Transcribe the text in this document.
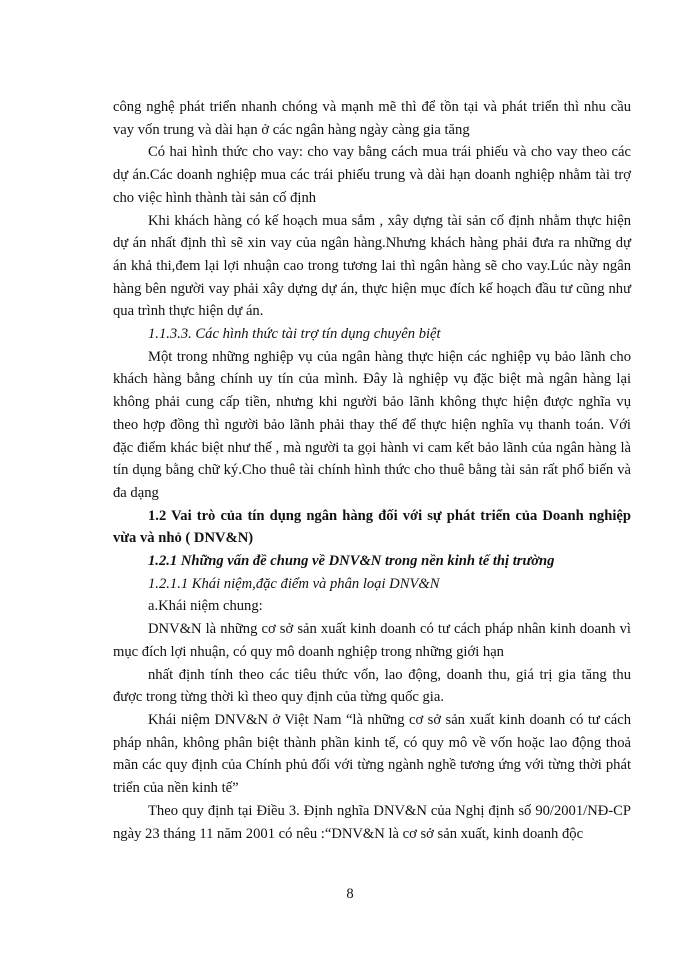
công nghệ phát triển nhanh chóng và mạnh mẽ thì để tồn tại và phát triển thì nhu cầu vay vốn trung và dài hạn ở các ngân hàng ngày càng gia tăng

Có hai hình thức cho vay: cho vay bằng cách mua trái phiếu và cho vay theo các dự án.Các doanh nghiệp mua các trái phiếu trung và dài hạn doanh nghiệp nhằm tài trợ cho việc hình thành tài sản cố định

Khi khách hàng có kế hoạch mua sắm , xây dựng tài sản cố định nhằm thực hiện dự án nhất định thì sẽ xin vay của ngân hàng.Nhưng khách hàng phải đưa ra những dự án khả thi,đem lại lợi nhuận cao trong tương lai thì ngân hàng sẽ cho vay.Lúc này ngân hàng bên người vay phải xây dựng dự án, thực hiện mục đích kế hoạch đầu tư cũng như qua trình thực hiện dự án.

1.1.3.3. Các hình thức tài trợ tín dụng chuyên biệt

Một trong những nghiệp vụ của ngân hàng thực hiện các nghiệp vụ bảo lãnh cho khách hàng bằng chính uy tín của mình. Đây là nghiệp vụ đặc biệt mà ngân hàng lại không phải cung cấp tiền, nhưng khi người bảo lãnh không thực hiện được nghĩa vụ theo hợp đồng thì người bảo lãnh phải thay thế để thực hiện nghĩa vụ thanh toán. Với đặc điểm khác biệt như thế , mà người ta gọi hành vi cam kết bảo lãnh của ngân hàng là tín dụng bằng chữ ký.Cho thuê tài chính hình thức cho thuê bằng tài sản rất phổ biến và đa dạng

1.2 Vai trò của tín dụng ngân hàng đối với sự phát triển của Doanh nghiệp vừa và nhỏ ( DNV&N)

1.2.1 Những vấn đề chung về DNV&N trong nền kinh tế thị trường

1.2.1.1 Khái niệm,đặc điểm và phân loại DNV&N

a.Khái niệm chung:

DNV&N là những cơ sở sản xuất kinh doanh có tư cách pháp nhân kinh doanh vì mục đích lợi nhuận, có quy mô doanh nghiệp trong những giới hạn

nhất định tính theo các tiêu thức vốn, lao động, doanh thu, giá trị gia tăng thu được trong từng thời kì theo quy định của từng quốc gia.

Khái niệm DNV&N ở Việt Nam “là những cơ sở sản xuất kinh doanh có tư cách pháp nhân, không phân biệt thành phần kinh tế, có quy mô về vốn hoặc lao động thoả mãn các quy định của Chính phủ đối với từng ngành nghề tương ứng với từng thời phát triển của nền kinh tế”

Theo quy định tại Điều 3. Định nghĩa DNV&N của Nghị định số 90/2001/NĐ-CP ngày 23 tháng 11 năm 2001 có nêu :“DNV&N là cơ sở sản xuất, kinh doanh độc

8
